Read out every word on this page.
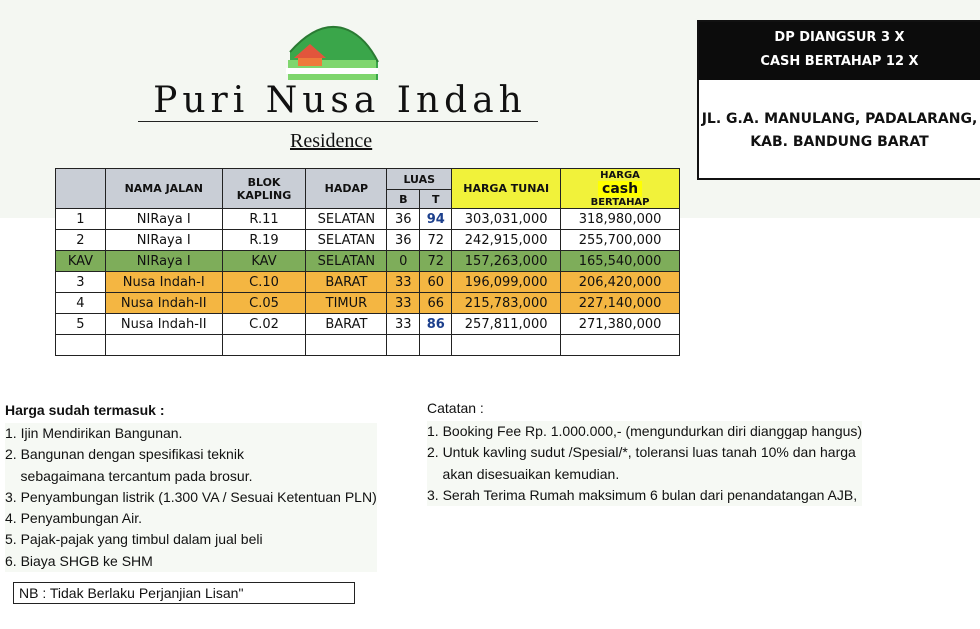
Puri Nusa Indah
Residence
DP DIANGSUR 3 X
CASH BERTAHAP 12 X
JL. G.A. MANULANG, PADALARANG,
KAB. BANDUNG BARAT
	NAMA JALAN	BLOK
KAPLING	HADAP	LUAS		HARGA TUNAI	HARGA
cash
BERTAHAP

				B	T		
1	NIRaya I	R.11	SELATAN	36	94	303,031,000	318,980,000
2	NIRaya I	R.19	SELATAN	36	72	242,915,000	255,700,000
KAV	NIRaya I	KAV	SELATAN	0	72	157,263,000	165,540,000
3	Nusa Indah-I	C.10	BARAT	33	60	196,099,000	206,420,000
4	Nusa Indah-II	C.05	TIMUR	33	66	215,783,000	227,140,000
5	Nusa Indah-II	C.02	BARAT	33	86	257,811,000	271,380,000

Harga sudah termasuk :
1. Ijin Mendirikan Bangunan.
2. Bangunan dengan spesifikasi teknik
sebagaimana tercantum pada brosur.
3. Penyambungan listrik (1.300 VA / Sesuai Ketentuan PLN)
4. Penyambungan Air.
5. Pajak-pajak yang timbul dalam jual beli
6. Biaya SHGB ke SHM
Catatan :
1. Booking Fee Rp. 1.000.000,- (mengundurkan diri dianggap hangus)
2. Untuk kavling sudut /Spesial/*, toleransi luas tanah 10% dan harga
akan disesuaikan kemudian.
3. Serah Terima Rumah maksimum 6 bulan dari penandatangan AJB,
NB : Tidak Berlaku Perjanjian Lisan"
